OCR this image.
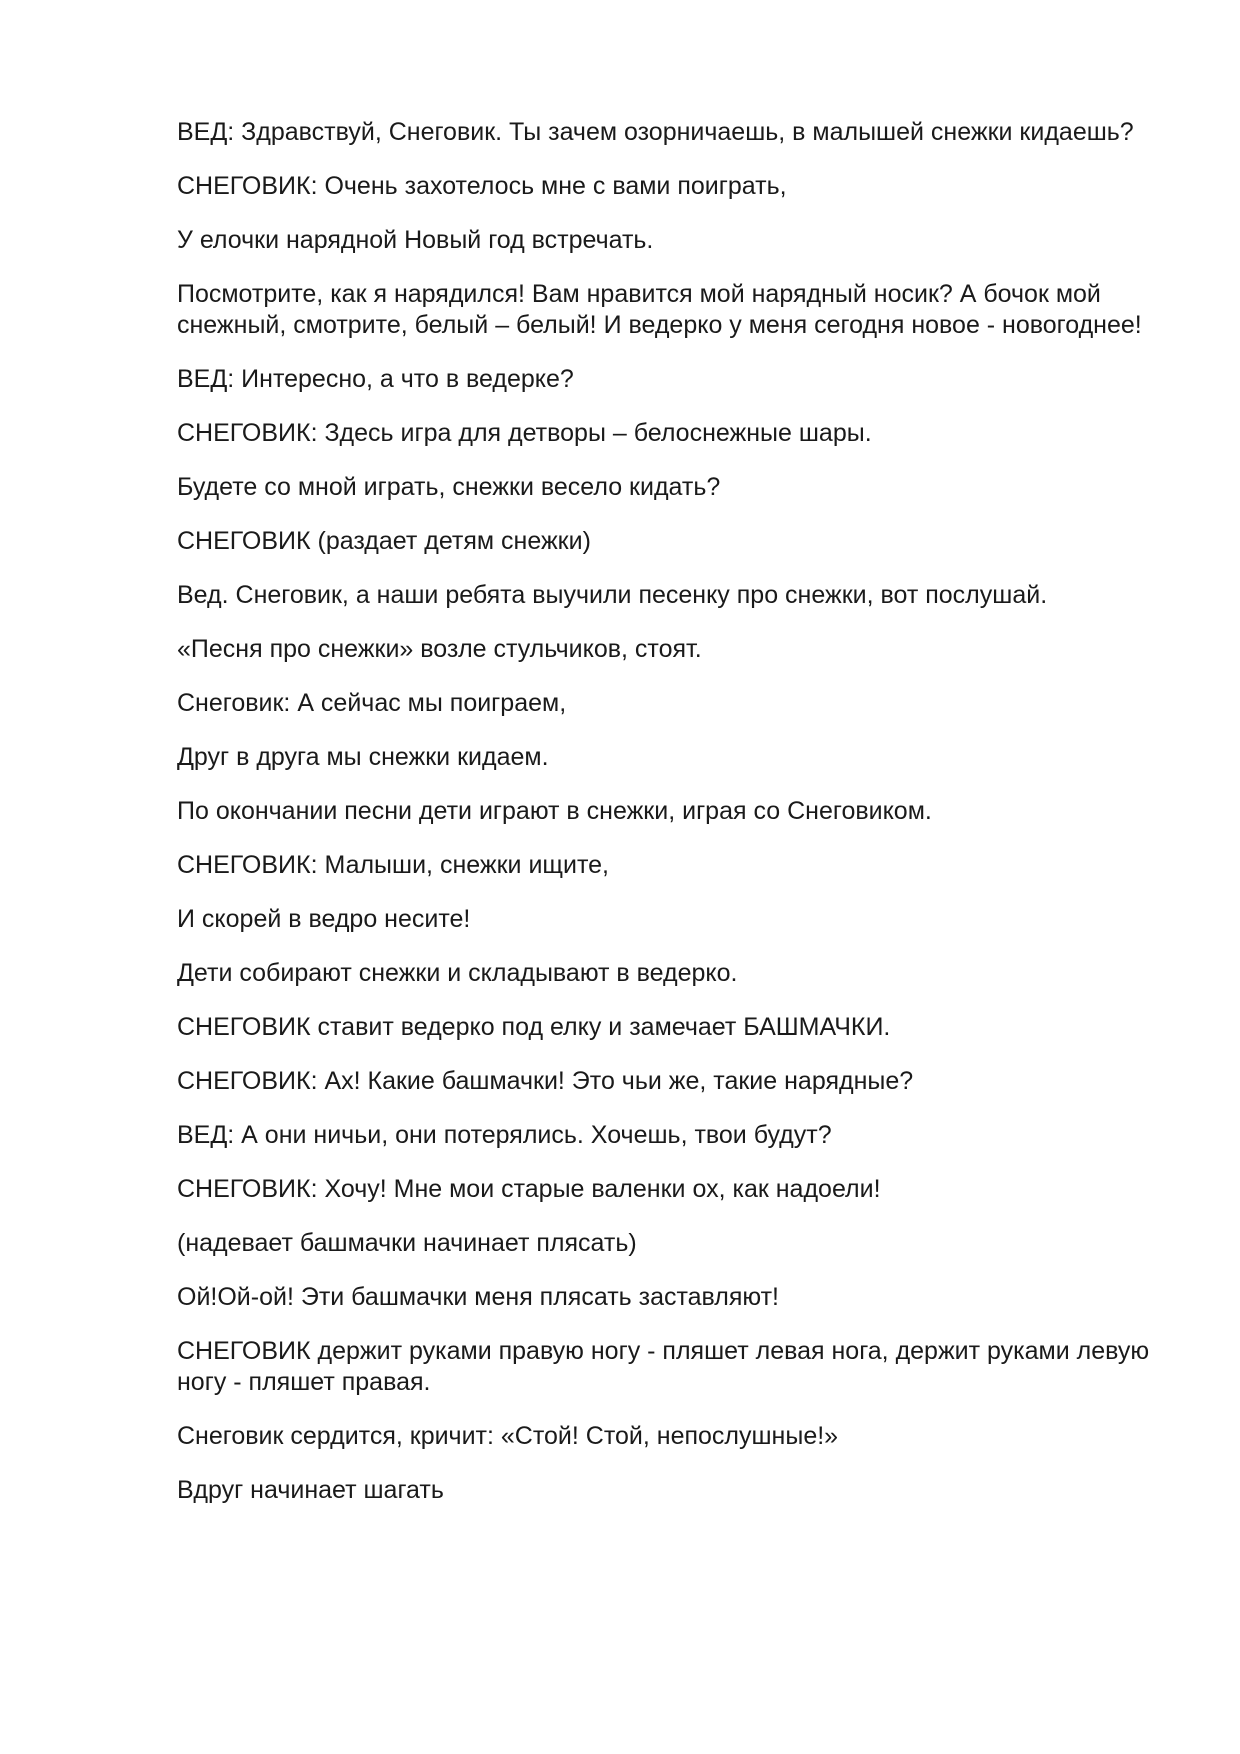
ВЕД: Здравствуй, Снеговик. Ты зачем озорничаешь, в малышей снежки кидаешь?

СНЕГОВИК: Очень захотелось мне с вами поиграть,

У елочки нарядной Новый год встречать.

Посмотрите, как я нарядился! Вам нравится мой нарядный носик? А бочок мой снежный, смотрите, белый – белый! И ведерко у меня сегодня новое - новогоднее!

ВЕД: Интересно, а что в ведерке?

СНЕГОВИК: Здесь игра для детворы – белоснежные шары.

Будете со мной играть, снежки весело кидать?

СНЕГОВИК (раздает детям снежки)

Вед. Снеговик, а наши ребята выучили песенку про снежки, вот послушай.

«Песня про снежки» возле стульчиков, стоят.

Снеговик: А сейчас мы поиграем,

Друг в друга мы снежки кидаем.

По окончании песни дети играют в снежки, играя со Снеговиком.

СНЕГОВИК: Малыши, снежки ищите,

И скорей в ведро несите!

Дети собирают снежки и складывают в ведерко.

СНЕГОВИК ставит ведерко под елку и замечает БАШМАЧКИ.

СНЕГОВИК: Ах! Какие башмачки! Это чьи же, такие нарядные?

ВЕД: А они ничьи, они потерялись. Хочешь, твои будут?

СНЕГОВИК: Хочу! Мне мои старые валенки ох, как надоели!

(надевает башмачки начинает плясать)

Ой!Ой-ой! Эти башмачки меня плясать заставляют!

СНЕГОВИК держит руками правую ногу - пляшет левая нога, держит руками левую ногу - пляшет правая.

Снеговик сердится, кричит: «Стой! Стой, непослушные!»

Вдруг начинает шагать
